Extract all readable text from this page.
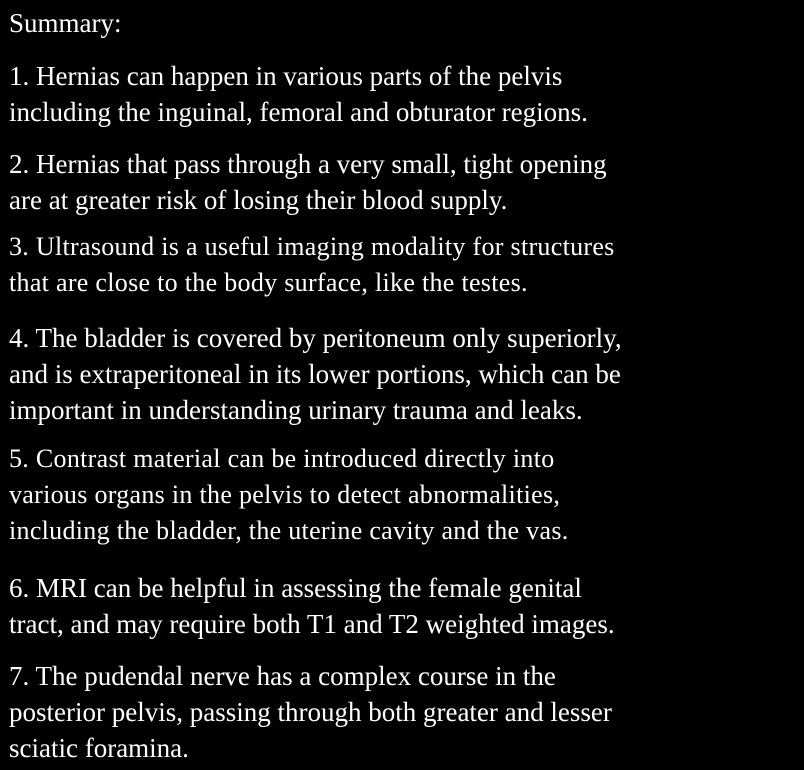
Summary:
1. Hernias can happen in various parts of the pelvis
including the inguinal, femoral and obturator regions.
2. Hernias that pass through a very small, tight opening
are at greater risk of losing their blood supply.
3. Ultrasound is a useful imaging modality for structures
that are close to the body surface, like the testes.
4. The bladder is covered by peritoneum only superiorly,
and is extraperitoneal in its lower portions, which can be
important in understanding urinary trauma and leaks.
5. Contrast material can be introduced directly into
various organs in the pelvis to detect abnormalities,
including the bladder, the uterine cavity and the vas.
6. MRI can be helpful in assessing the female genital
tract, and may require both T1 and T2 weighted images.
7. The pudendal nerve has a complex course in the
posterior pelvis, passing through both greater and lesser
sciatic foramina.
